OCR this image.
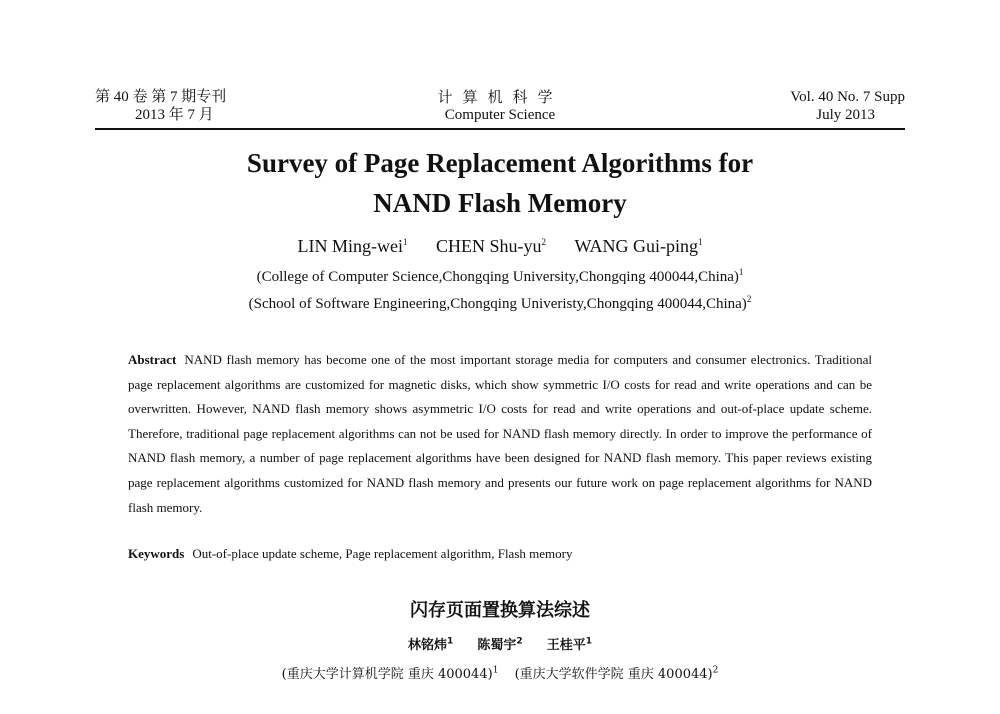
第 40 卷 第 7 期专刊
2013 年 7 月
计算机科学
Computer Science
Vol. 40 No. 7 Supp
July 2013
Survey of Page Replacement Algorithms for
NAND Flash Memory
LIN Ming-wei$^1$ CHEN Shu-$yu^2$ WANG Gui-ping$^1$
(College of Computer Science,Chongqing University,Chongqing 400044,China)$^1$
(School of Software Engineering,Chongqing Univeristy,Chongqing 400044,China)$^2$
Abstract NAND flash memory has become one of the most important storage media for computers and consumer electronics. Traditional page replacement algorithms are customized for magnetic disks, which show symmetric I/O costs for read and write operations and can be overwritten. However, NAND flash memory shows asymmetric I/O costs for read and write operations and out-of-place update scheme. Therefore, traditional page replacement algorithms can not be used for NAND flash memory directly. In order to improve the performance of NAND flash memory, a number of page replacement algorithms have been designed for NAND flash memory. This paper reviews existing page replacement algorithms customized for NAND flash memory and presents our future work on page replacement algorithms for NAND flash memory.
Keywords Out-of-place update scheme, Page replacement algorithm, Flash memory
闪存页面置换算法综述
林铭炜$^1$ 陈蜀宇$^2$ 王桂平$^1$
(重庆大学计算机学院 重庆 400044)$^1$ (重庆大学软件学院 重庆 400044)$^2$
